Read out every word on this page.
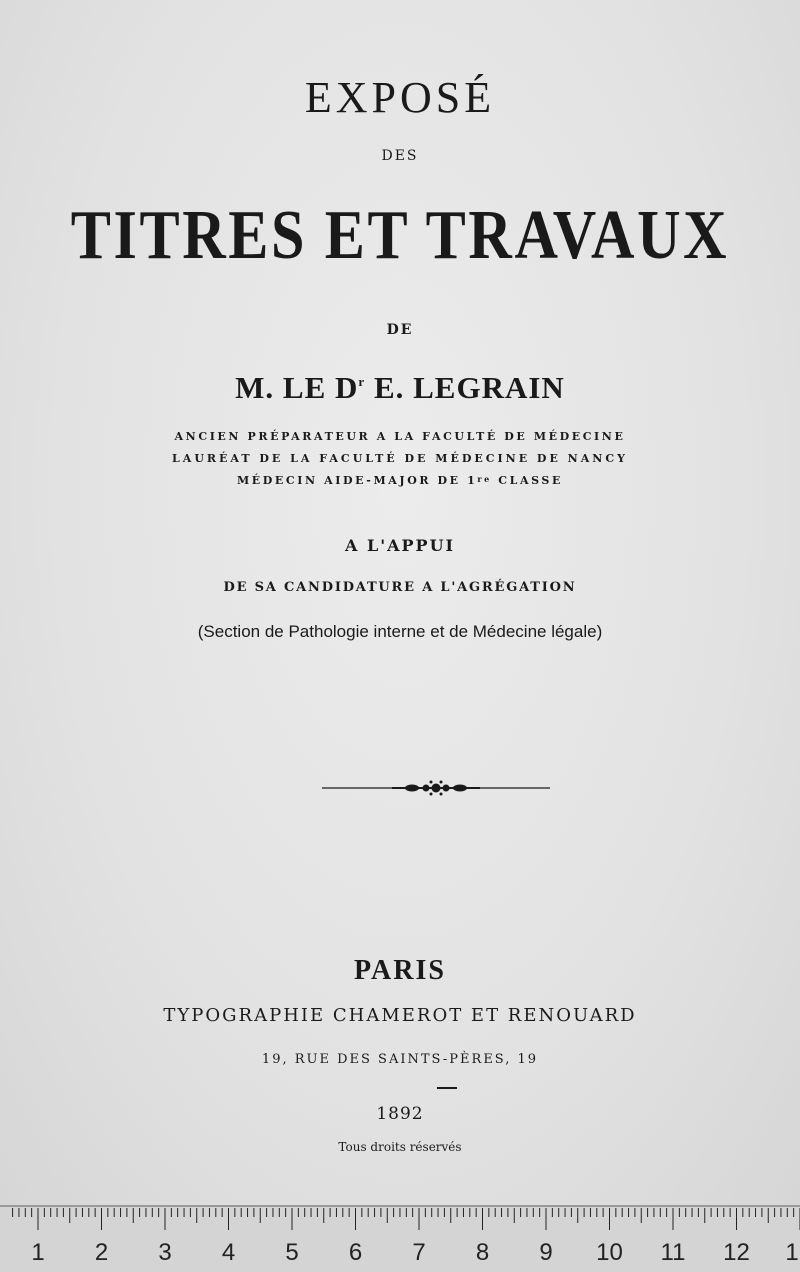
EXPOSÉ
DES
TITRES ET TRAVAUX
DE
M. LE $D^r$ E. LEGRAIN
ANCIEN PRÉPARATEUR A LA FACULTÉ DE MÉDECINE
LAURÉAT DE LA FACULTÉ DE MÉDECINE DE NANCY
MÉDECIN AIDE-MAJOR DE 1re CLASSE
A L'APPUI
DE SA CANDIDATURE A L'AGRÉGATION
(Section de Pathologie interne et de Médecine légale)
PARIS
TYPOGRAPHIE CHAMEROT ET RENOUARD
19, RUE DES SAINTS-PÈRES, 19
1892
Tous droits réservés
1 2 3 4 5 6 7 8 9 10 11 12 1
